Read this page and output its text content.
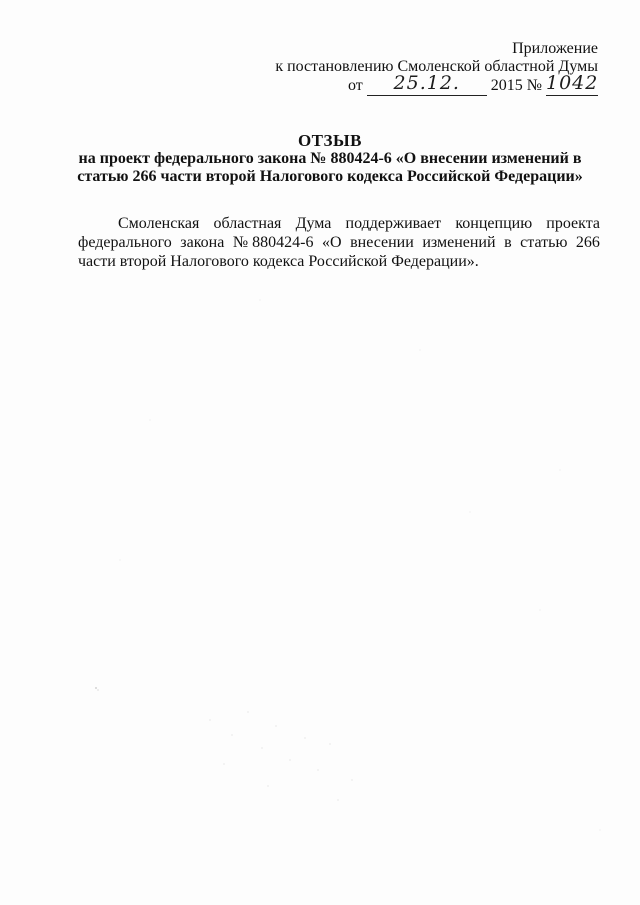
Приложение
к постановлению Смоленской областной Думы
от	25.12.	2015 № 1042
ОТЗЫВ
на проект федерального закона № 880424-6 «О внесении изменений в
статью 266 части второй Налогового кодекса Российской Федерации»
Смоленская областная Дума поддерживает концепцию проекта
федерального закона № 880424-6 «О внесении изменений в статью 266
части второй Налогового кодекса Российской Федерации».
